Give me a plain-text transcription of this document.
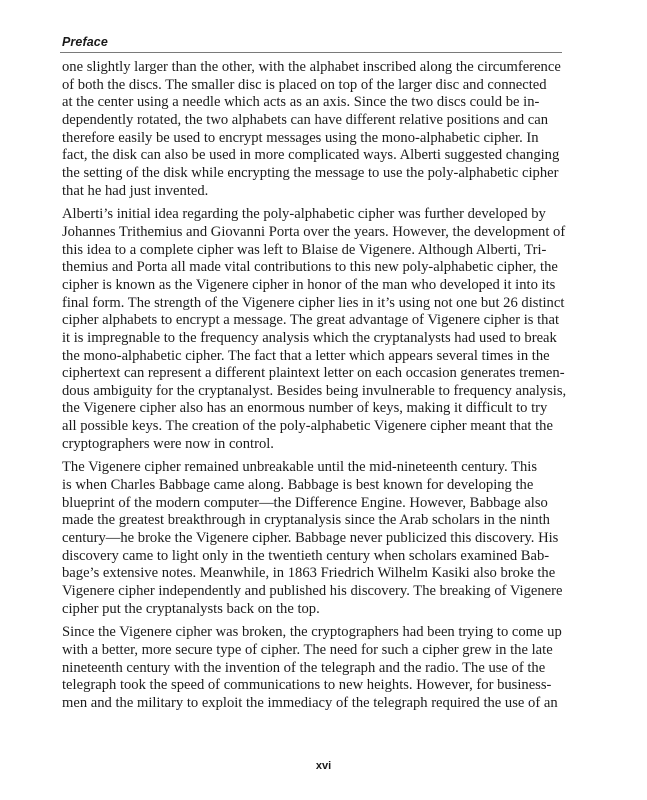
Preface
one slightly larger than the other, with the alphabet inscribed along the circumference
of both the discs. The smaller disc is placed on top of the larger disc and connected
at the center using a needle which acts as an axis. Since the two discs could be in-
dependently rotated, the two alphabets can have different relative positions and can
therefore easily be used to encrypt messages using the mono-alphabetic cipher. In
fact, the disk can also be used in more complicated ways. Alberti suggested changing
the setting of the disk while encrypting the message to use the poly-alphabetic cipher
that he had just invented.
Alberti’s initial idea regarding the poly-alphabetic cipher was further developed by
Johannes Trithemius and Giovanni Porta over the years. However, the development of
this idea to a complete cipher was left to Blaise de Vigenere. Although Alberti, Tri-
themius and Porta all made vital contributions to this new poly-alphabetic cipher, the
cipher is known as the Vigenere cipher in honor of the man who developed it into its
final form. The strength of the Vigenere cipher lies in it’s using not one but 26 distinct
cipher alphabets to encrypt a message. The great advantage of Vigenere cipher is that
it is impregnable to the frequency analysis which the cryptanalysts had used to break
the mono-alphabetic cipher. The fact that a letter which appears several times in the
ciphertext can represent a different plaintext letter on each occasion generates tremen-
dous ambiguity for the cryptanalyst. Besides being invulnerable to frequency analysis,
the Vigenere cipher also has an enormous number of keys, making it difficult to try
all possible keys. The creation of the poly-alphabetic Vigenere cipher meant that the
cryptographers were now in control.
The Vigenere cipher remained unbreakable until the mid-nineteenth century. This
is when Charles Babbage came along. Babbage is best known for developing the
blueprint of the modern computer—the Difference Engine. However, Babbage also
made the greatest breakthrough in cryptanalysis since the Arab scholars in the ninth
century—he broke the Vigenere cipher. Babbage never publicized this discovery. His
discovery came to light only in the twentieth century when scholars examined Bab-
bage’s extensive notes. Meanwhile, in 1863 Friedrich Wilhelm Kasiki also broke the
Vigenere cipher independently and published his discovery. The breaking of Vigenere
cipher put the cryptanalysts back on the top.
Since the Vigenere cipher was broken, the cryptographers had been trying to come up
with a better, more secure type of cipher. The need for such a cipher grew in the late
nineteenth century with the invention of the telegraph and the radio. The use of the
telegraph took the speed of communications to new heights. However, for business-
men and the military to exploit the immediacy of the telegraph required the use of an
xvi
